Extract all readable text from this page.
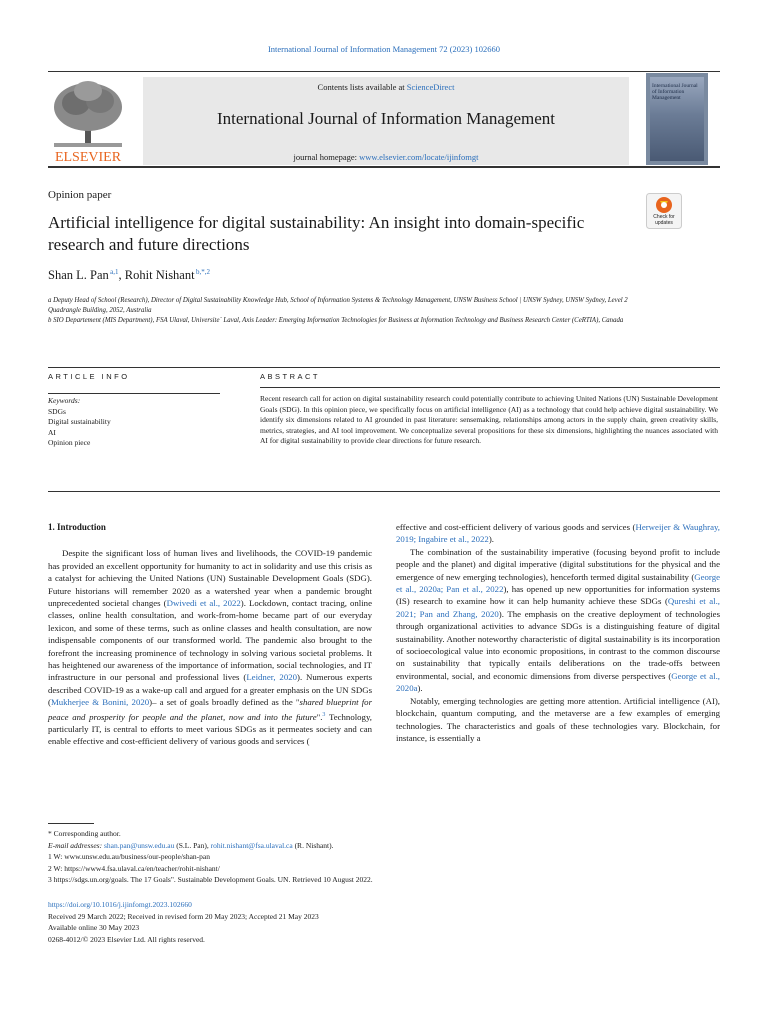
International Journal of Information Management 72 (2023) 102660
ELSEVIER
Contents lists available at ScienceDirect
International Journal of Information Management
journal homepage: www.elsevier.com/locate/ijinfomgt
International Journal of Information Management
Opinion paper
Artificial intelligence for digital sustainability: An insight into domain-specific research and future directions
Check for updates
Shan L. Pan $^{a,1}$, Rohit Nishant $^{b,*,2}$
a Deputy Head of School (Research), Director of Digital Sustainability Knowledge Hub, School of Information Systems & Technology Management, UNSW Business School | UNSW Sydney, UNSW Sydney, Level 2 Quadrangle Building, 2052, Australia
b SIO Departement (MIS Department), FSA Ulaval, Universite´ Laval, Axis Leader: Emerging Information Technologies for Business at Information Technology and Business Research Center (CeRTIA), Canada
ARTICLE INFO	ABSTRACT
Keywords:
SDGs
Digital sustainability
AI
Opinion piece
Recent research call for action on digital sustainability research could potentially contribute to achieving United Nations (UN) Sustainable Development Goals (SDG). In this opinion piece, we specifically focus on artificial intelligence (AI) as a technology that could help achieve digital sustainability. We identify six dimensions related to AI grounded in past literature: sensemaking, relationships among actors in the supply chain, green creativity skills, metrics, strategies, and AI tool improvement. We conceptualize several propositions for these six dimensions, highlighting the nuances associated with AI for digital sustainability to provide clear directions for future research.
1. Introduction

Despite the significant loss of human lives and livelihoods, the COVID-19 pandemic has provided an excellent opportunity for humanity to act in solidarity and use this crisis as a catalyst for achieving the United Nations (UN) Sustainable Development Goals (SDG). Future historians will remember 2020 as a watershed year when a pandemic brought unprecedented societal changes (Dwivedi et al., 2022). Lockdown, contact tracing, online classes, online health consultation, and work-from-home became part of our everyday lexicon, and some of these terms, such as online classes and health consultation, are now indispensable components of our transformed world. The pandemic also brought to the forefront the increasing prominence of technology in solving various societal problems. It has heightened our awareness of the importance of information, social technologies, and IT infrastructure in our personal and professional lives (Leidner, 2020). Numerous experts described COVID-19 as a wake-up call and argued for a greater emphasis on the UN SDGs (Mukherjee & Bonini, 2020)– a set of goals broadly defined as the "shared blueprint for peace and prosperity for people and the planet, now and into the future".$^3$ Technology, particularly IT, is central to efforts to meet various SDGs as it permeates society and can enable effective and cost-efficient delivery of various goods and services (

effective and cost-efficient delivery of various goods and services (Herweijer & Waughray, 2019; Ingabire et al., 2022).

The combination of the sustainability imperative (focusing beyond profit to include people and the planet) and digital imperative (digital substitutions for the physical and the emergence of new emerging technologies), henceforth termed digital sustainability (George et al., 2020a; Pan et al., 2022), has opened up new opportunities for information systems (IS) research to examine how it can help humanity achieve these SDGs (Qureshi et al., 2021; Pan and Zhang, 2020). The emphasis on the creative deployment of technologies through organizational activities to advance SDGs is a distinguishing feature of digital sustainability. Another noteworthy characteristic of digital sustainability is its incorporation of socioecological value into economic propositions, in contrast to the common discourse on sustainability that typically entails deliberations on the trade-offs between environmental, social, and economic dimensions from diverse perspectives (George et al., 2020a).

Notably, emerging technologies are getting more attention. Artificial intelligence (AI), blockchain, quantum computing, and the metaverse are a few examples of emerging technologies. The characteristics and goals of these technologies vary. Blockchain, for instance, is essentially a

* Corresponding author.
E-mail addresses: shan.pan@unsw.edu.au (S.L. Pan), rohit.nishant@fsa.ulaval.ca (R. Nishant).
1 W: www.unsw.edu.au/business/our-people/shan-pan
2 W: https://www4.fsa.ulaval.ca/en/teacher/rohit-nishant/
3 https://sdgs.un.org/goals. The 17 Goals". Sustainable Development Goals. UN. Retrieved 10 August 2022.
https://doi.org/10.1016/j.ijinfomgt.2023.102660
Received 29 March 2022; Received in revised form 20 May 2023; Accepted 21 May 2023
Available online 30 May 2023
0268-4012/© 2023 Elsevier Ltd. All rights reserved.
